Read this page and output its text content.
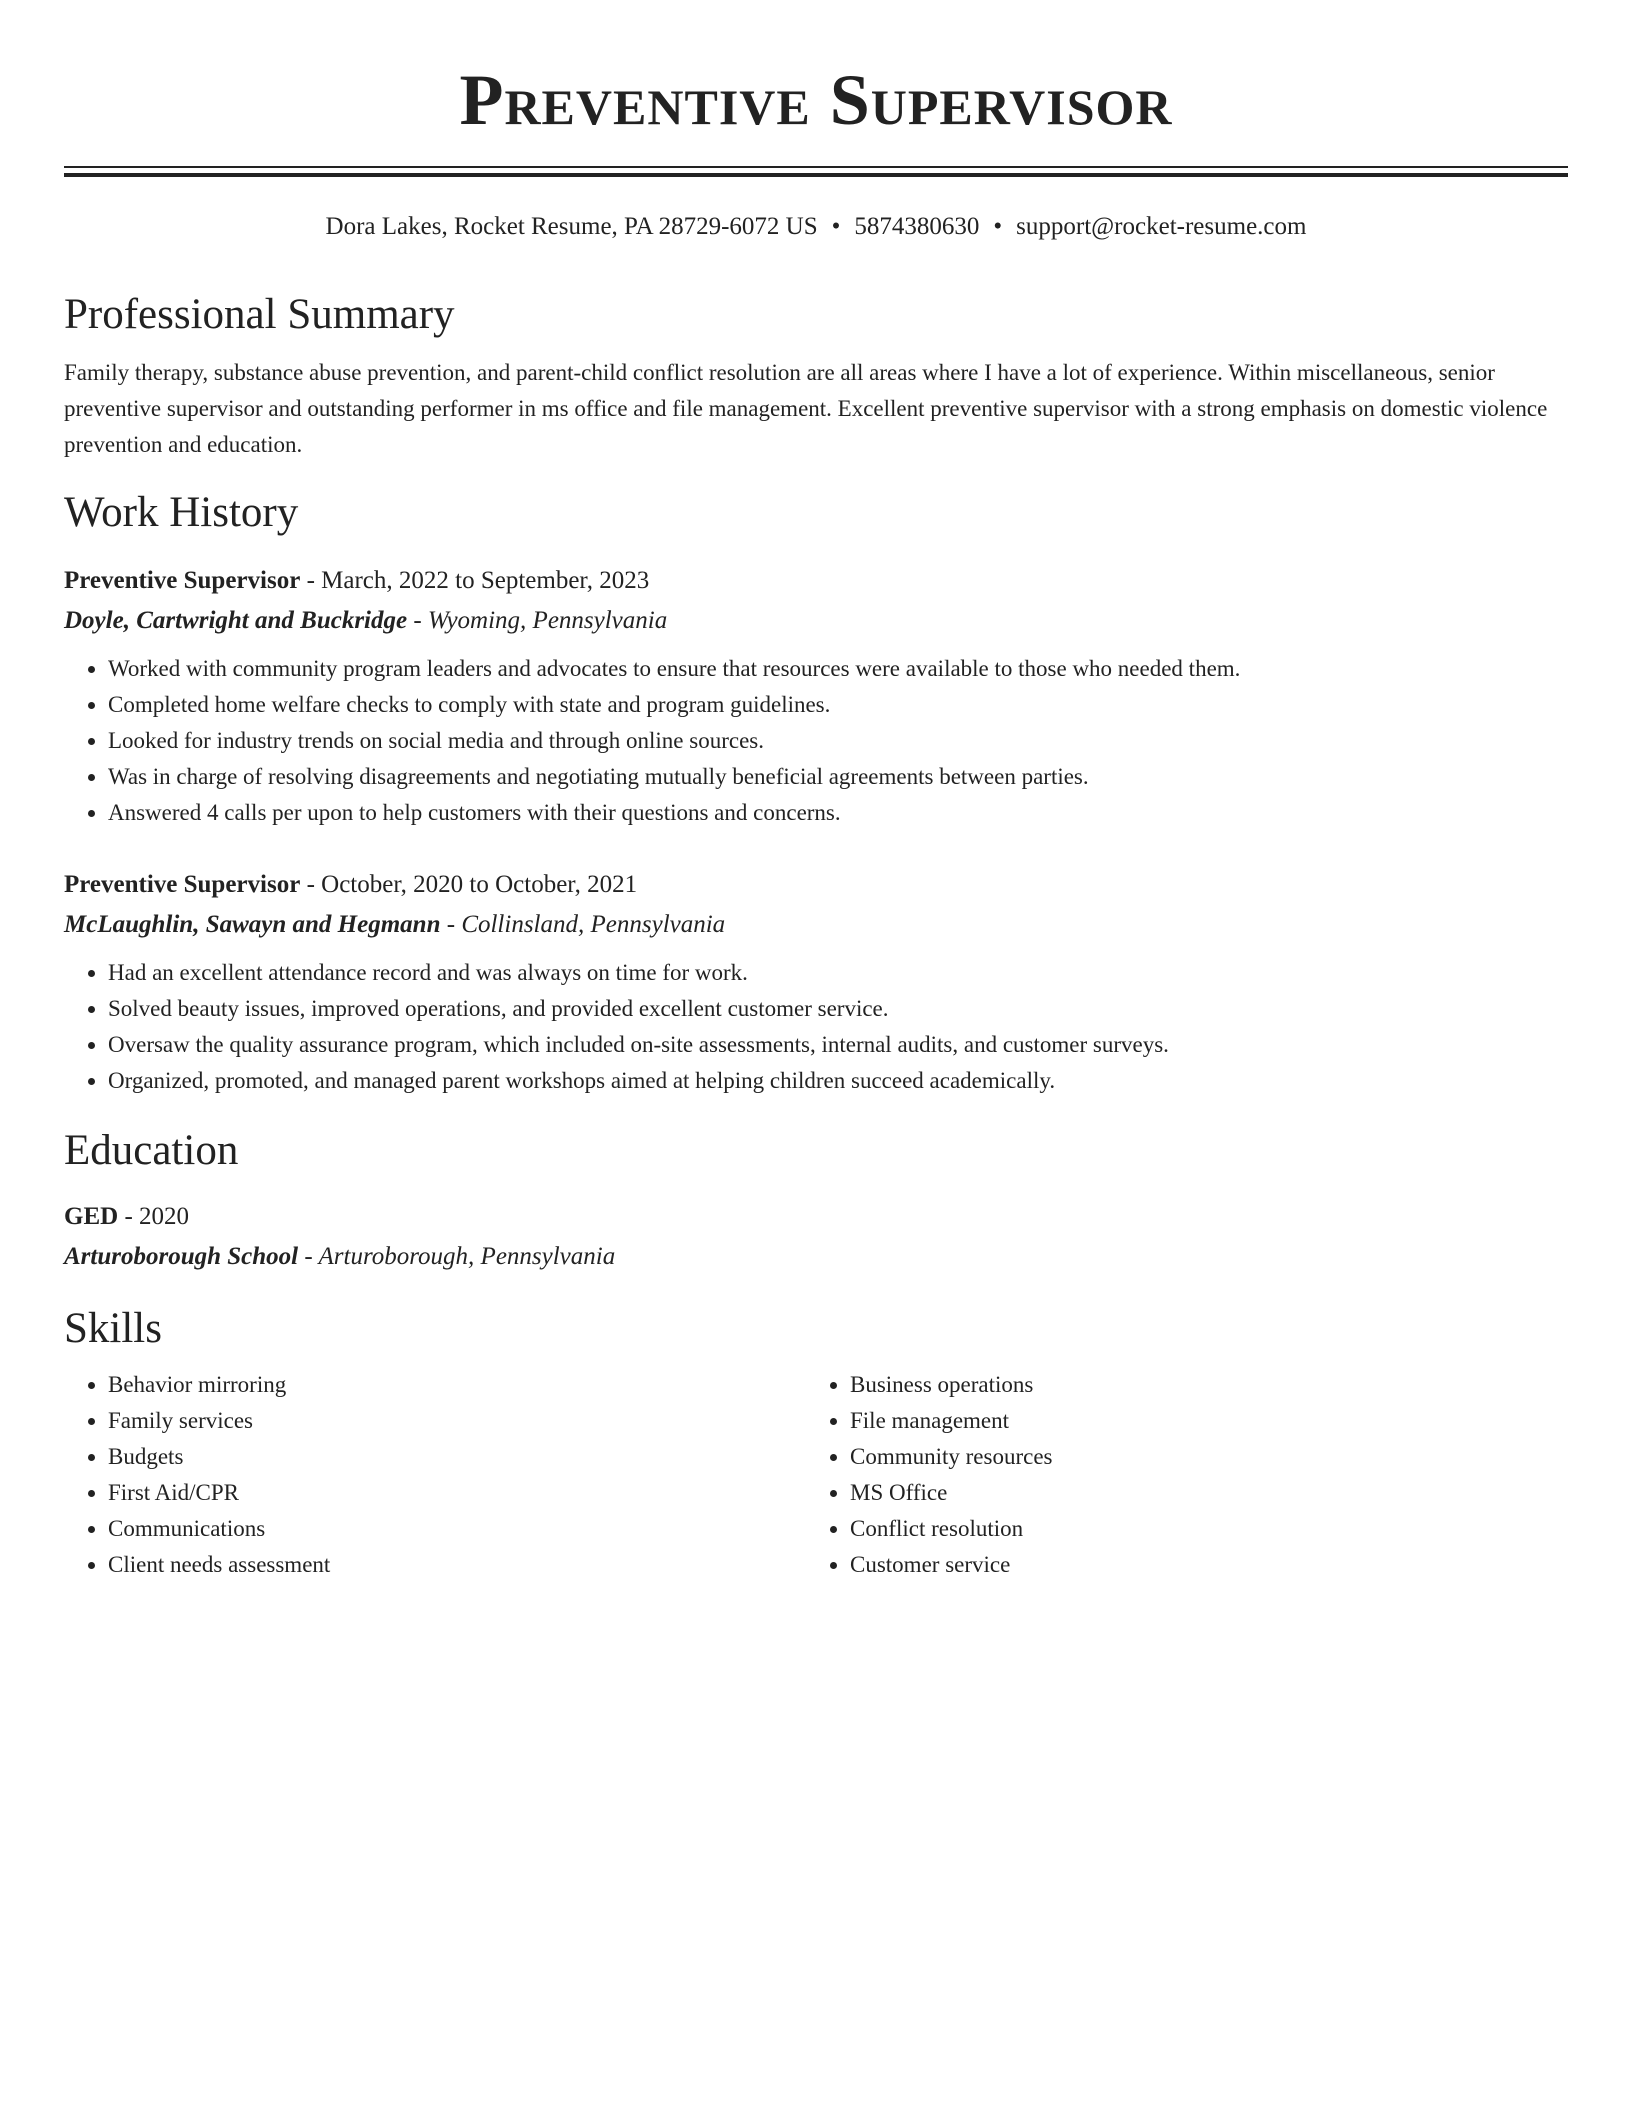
Preventive Supervisor
Dora Lakes, Rocket Resume, PA 28729-6072 US • 5874380630 • support@rocket-resume.com
Professional Summary

Family therapy, substance abuse prevention, and parent-child conflict resolution are all areas where I have a lot of experience. Within miscellaneous, senior preventive supervisor and outstanding performer in ms office and file management. Excellent preventive supervisor with a strong emphasis on domestic violence prevention and education.

Work History
Preventive Supervisor - March, 2022 to September, 2023
Doyle, Cartwright and Buckridge - Wyoming, Pennsylvania
• Worked with community program leaders and advocates to ensure that resources were available to those who needed them.
• Completed home welfare checks to comply with state and program guidelines.
• Looked for industry trends on social media and through online sources.
• Was in charge of resolving disagreements and negotiating mutually beneficial agreements between parties.
• Answered 4 calls per upon to help customers with their questions and concerns.
Preventive Supervisor - October, 2020 to October, 2021
McLaughlin, Sawayn and Hegmann - Collinsland, Pennsylvania
• Had an excellent attendance record and was always on time for work.
• Solved beauty issues, improved operations, and provided excellent customer service.
• Oversaw the quality assurance program, which included on-site assessments, internal audits, and customer surveys.
• Organized, promoted, and managed parent workshops aimed at helping children succeed academically.
Education
GED - 2020
Arturoborough School - Arturoborough, Pennsylvania
Skills
• Behavior mirroring
• Family services
• Budgets
• First Aid/CPR
• Communications
• Client needs assessment
• Business operations
• File management
• Community resources
• MS Office
• Conflict resolution
• Customer service
